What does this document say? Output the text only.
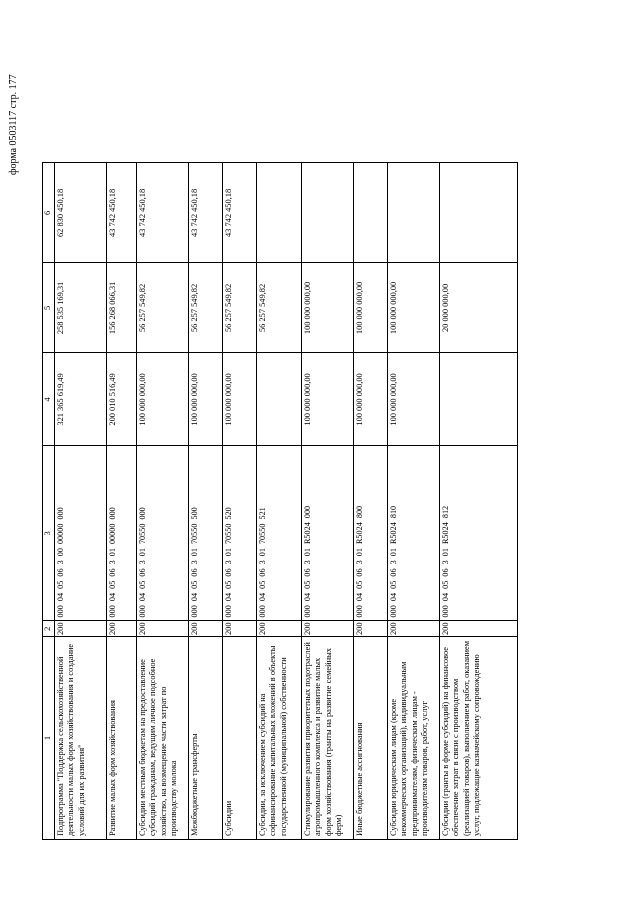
форма 0503117 стр. 177
1	2	3	4	5	6
Подпрограмма "Поддержка сельскохозяйственной деятельности малых форм хозяйствования и создание условий для их развития"	200	000 04 05 06 3 00 00000 000	321 365 619,49	258 535 169,31	62 830 450,18
Развитие малых форм хозяйствования	200	000 04 05 06 3 01 00000 000	200 010 516,49	156 268 066,31	43 742 450,18
Субсидии местным бюджетам на предоставление субсидий гражданам, ведущим личное подсобное хозяйство, на возмещение части затрат по производству молока	200	000 04 05 06 3 01 70550 000	100 000 000,00	56 257 549,82	43 742 450,18
Межбюджетные трансферты	200	000 04 05 06 3 01 70550 500	100 000 000,00	56 257 549,82	43 742 450,18
Субсидии	200	000 04 05 06 3 01 70550 520	100 000 000,00	56 257 549,82	43 742 450,18
Субсидии, за исключением субсидий на софинансирование капитальных вложений в объекты государственной (муниципальной) собственности	200	000 04 05 06 3 01 70550 521		56 257 549,82	
Стимулирование развития приоритетных подотраслей агропромышленного комплекса и развитие малых форм хозяйствования (гранты на развитие семейных ферм)	200	000 04 05 06 3 01 R5024 000	100 000 000,00	100 000 000,00	
Иные бюджетные ассигнования	200	000 04 05 06 3 01 R5024 800	100 000 000,00	100 000 000,00	
Субсидии юридическим лицам (кроме некоммерческих организаций), индивидуальным предпринимателям, физическим лицам - производителям товаров, работ, услуг	200	000 04 05 06 3 01 R5024 810	100 000 000,00	100 000 000,00	
Субсидии (гранты в форме субсидий) на финансовое обеспечение затрат в связи с производством (реализацией товаров), выполнением работ, оказанием услуг, подлежащие казначейскому сопровождению	200	000 04 05 06 3 01 R5024 812		20 000 000,00	
